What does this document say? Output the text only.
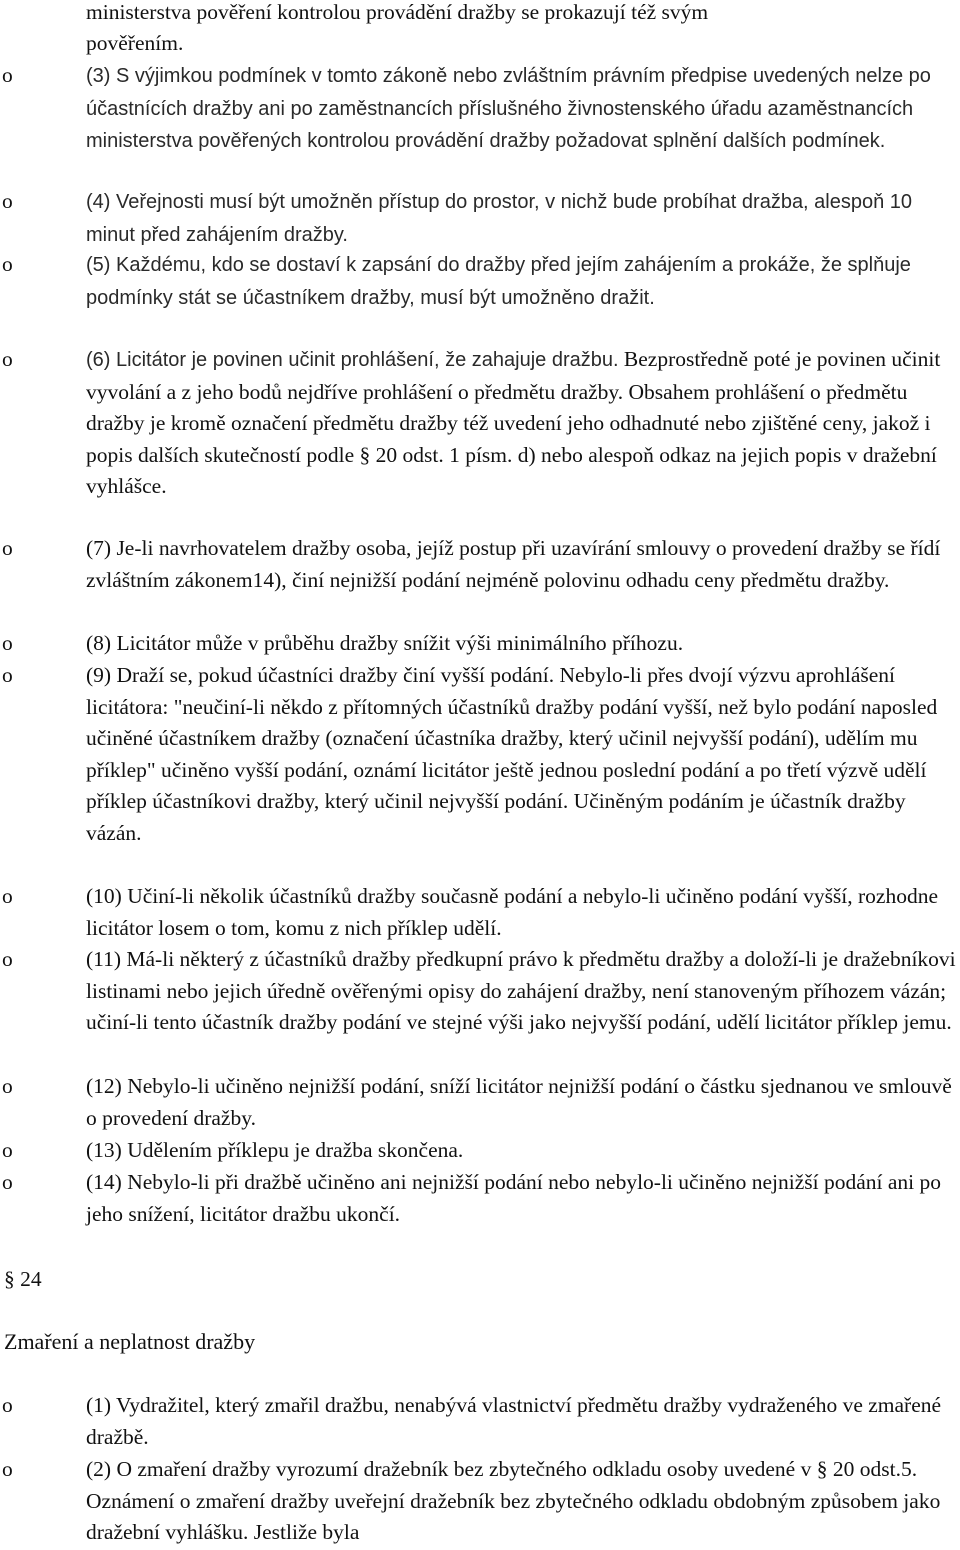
ministerstva pověření kontrolou provádění dražby se prokazují též svým
pověřením.
o	(3) S výjimkou podmínek v tomto zákoně nebo zvláštním právním předpise uvedených nelze po účastnících dražby ani po zaměstnancích příslušného živnostenského úřadu azaměstnancích ministerstva pověřených kontrolou provádění dražby požadovat splnění dalších podmínek.
o	(4) Veřejnosti musí být umožněn přístup do prostor, v nichž bude probíhat dražba, alespoň 10 minut před zahájením dražby.
o	(5) Každému, kdo se dostaví k zapsání do dražby před jejím zahájením a prokáže, že splňuje podmínky stát se účastníkem dražby, musí být umožněno dražit.
o	(6) Licitátor je povinen učinit prohlášení, že zahajuje dražbu. Bezprostředně poté je povinen učinit vyvolání a z jeho bodů nejdříve prohlášení o předmětu dražby. Obsahem prohlášení o předmětu dražby je kromě označení předmětu dražby též uvedení jeho odhadnuté nebo zjištěné ceny, jakož i popis dalších skutečností podle § 20 odst. 1 písm. d) nebo alespoň odkaz na jejich popis v dražební vyhlášce.
o	(7) Je-li navrhovatelem dražby osoba, jejíž postup při uzavírání smlouvy o provedení dražby se řídí zvláštním zákonem14), činí nejnižší podání nejméně polovinu odhadu ceny předmětu dražby.
o	(8) Licitátor může v průběhu dražby snížit výši minimálního příhozu.
o	(9) Draží se, pokud účastníci dražby činí vyšší podání. Nebylo-li přes dvojí výzvu aprohlášení licitátora: "neučiní-li někdo z přítomných účastníků dražby podání vyšší, než bylo podání naposled učiněné účastníkem dražby (označení účastníka dražby, který učinil nejvyšší podání), udělím mu příklep" učiněno vyšší podání, oznámí licitátor ještě jednou poslední podání a po třetí výzvě udělí příklep účastníkovi dražby, který učinil nejvyšší podání. Učiněným podáním je účastník dražby vázán.
o	(10) Učiní-li několik účastníků dražby současně podání a nebylo-li učiněno podání vyšší, rozhodne licitátor losem o tom, komu z nich příklep udělí.
o	(11) Má-li některý z účastníků dražby předkupní právo k předmětu dražby a doloží-li je dražebníkovi listinami nebo jejich úředně ověřenými opisy do zahájení dražby, není stanoveným příhozem vázán; učiní-li tento účastník dražby podání ve stejné výši jako nejvyšší podání, udělí licitátor příklep jemu.
o	(12) Nebylo-li učiněno nejnižší podání, sníží licitátor nejnižší podání o částku sjednanou ve smlouvě o provedení dražby.
o	(13) Udělením příklepu je dražba skončena.
o	(14) Nebylo-li při dražbě učiněno ani nejnižší podání nebo nebylo-li učiněno nejnižší podání ani po jeho snížení, licitátor dražbu ukončí.
§ 24
Zmaření a neplatnost dražby
o	(1) Vydražitel, který zmařil dražbu, nenabývá vlastnictví předmětu dražby vydraženého ve zmařené dražbě.
o	(2) O zmaření dražby vyrozumí dražebník bez zbytečného odkladu osoby uvedené v § 20 odst.5. Oznámení o zmaření dražby uveřejní dražebník bez zbytečného odkladu obdobným způsobem jako dražební vyhlášku. Jestliže byla
